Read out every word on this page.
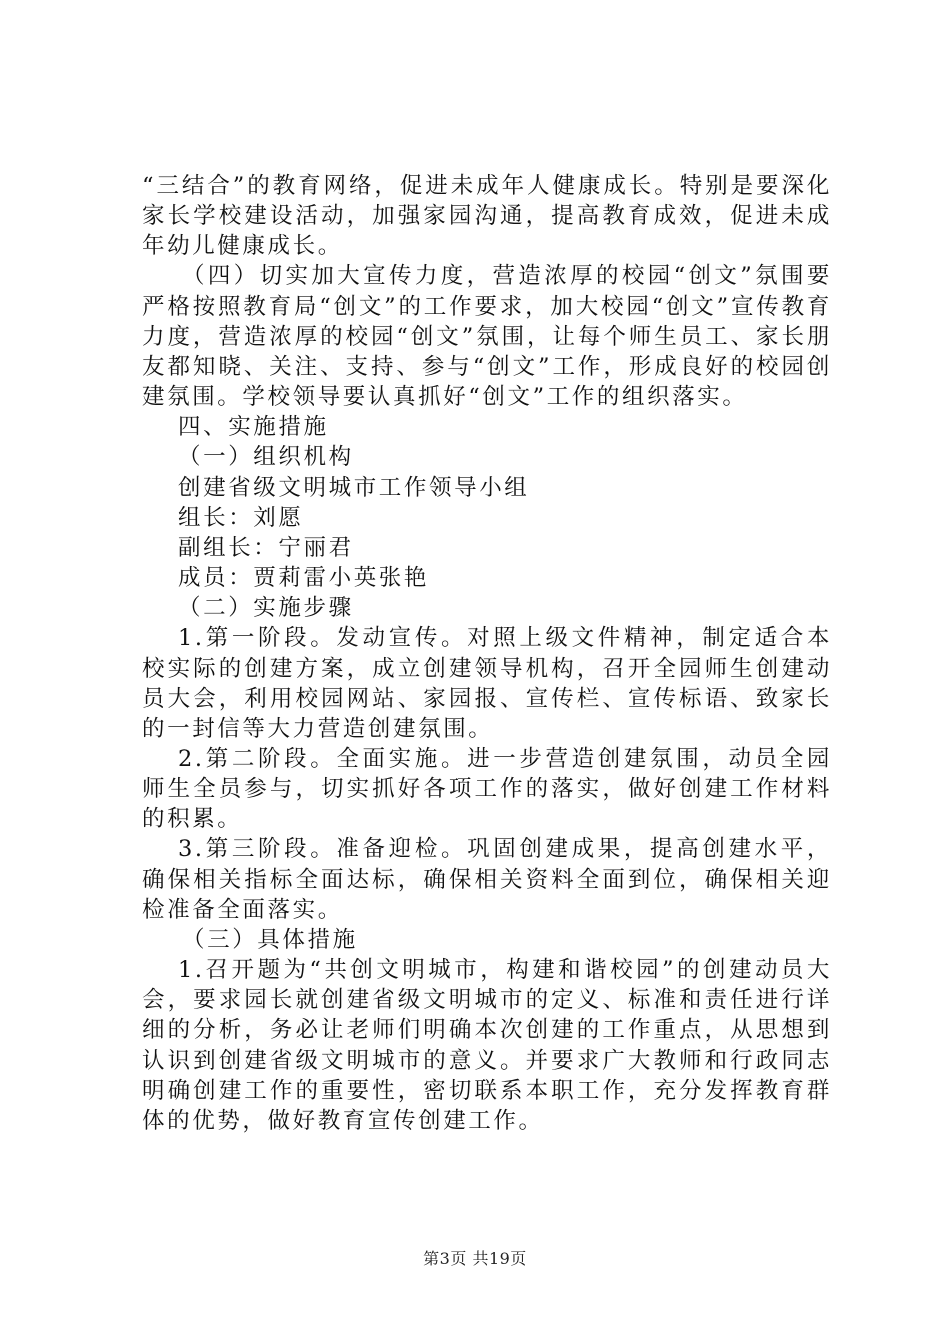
“三结合”的教育网络，促进未成年人健康成长。特别是要深化家长学校建设活动，加强家园沟通，提高教育成效，促进未成年幼儿健康成长。

（四）切实加大宣传力度，营造浓厚的校园“创文”氛围要严格按照教育局“创文”的工作要求，加大校园“创文”宣传教育力度，营造浓厚的校园“创文”氛围，让每个师生员工、家长朋友都知晓、关注、支持、参与“创文”工作，形成良好的校园创建氛围。学校领导要认真抓好“创文”工作的组织落实。

四、实施措施

（一）组织机构

创建省级文明城市工作领导小组

组长：刘愿

副组长：宁丽君

成员：贾莉雷小英张艳

（二）实施步骤

1.第一阶段。发动宣传。对照上级文件精神，制定适合本校实际的创建方案，成立创建领导机构，召开全园师生创建动员大会，利用校园网站、家园报、宣传栏、宣传标语、致家长的一封信等大力营造创建氛围。

2.第二阶段。全面实施。进一步营造创建氛围，动员全园师生全员参与，切实抓好各项工作的落实，做好创建工作材料的积累。

3.第三阶段。准备迎检。巩固创建成果，提高创建水平，确保相关指标全面达标，确保相关资料全面到位，确保相关迎检准备全面落实。

（三）具体措施

1.召开题为“共创文明城市，构建和谐校园”的创建动员大会，要求园长就创建省级文明城市的定义、标准和责任进行详细的分析，务必让老师们明确本次创建的工作重点，从思想到认识到创建省级文明城市的意义。并要求广大教师和行政同志明确创建工作的重要性，密切联系本职工作，充分发挥教育群体的优势，做好教育宣传创建工作。

第3页 共19页
